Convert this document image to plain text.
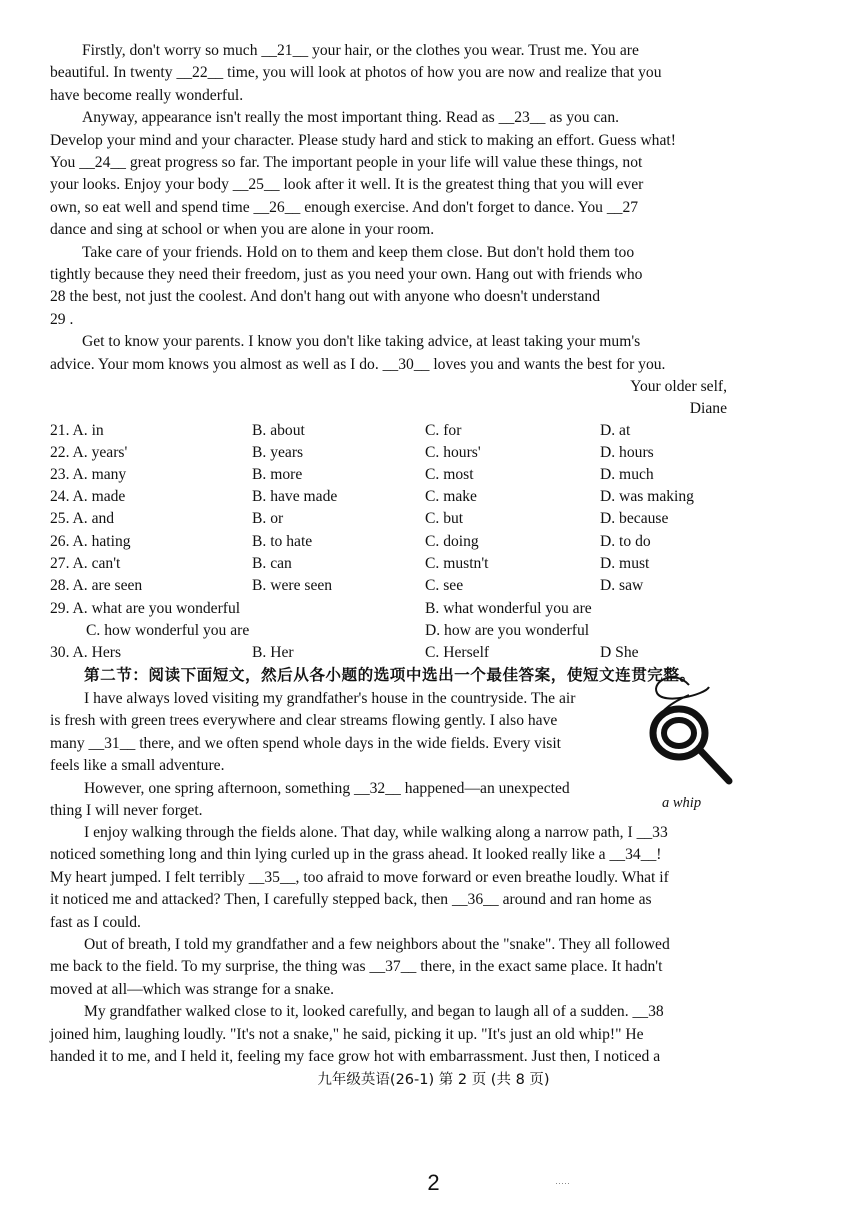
Firstly, don't worry so much __21__ your hair, or the clothes you wear. Trust me. You are
beautiful. In twenty __22__ time, you will look at photos of how you are now and realize that you
have become really wonderful.
Anyway, appearance isn't really the most important thing. Read as __23__ as you can.
Develop your mind and your character. Please study hard and stick to making an effort. Guess what!
You __24__ great progress so far. The important people in your life will value these things, not
your looks. Enjoy your body __25__ look after it well. It is the greatest thing that you will ever
own, so eat well and spend time __26__ enough exercise. And don't forget to dance. You __27
dance and sing at school or when you are alone in your room.
Take care of your friends. Hold on to them and keep them close. But don't hold them too
tightly because they need their freedom, just as you need your own. Hang out with friends who
28 the best, not just the coolest. And don't hang out with anyone who doesn't understand
29 .
Get to know your parents. I know you don't like taking advice, at least taking your mum's
advice. Your mom knows you almost as well as I do. __30__ loves you and wants the best for you.
Your older self,
Diane
21. A. in	B. about	C. for	D. at
22. A. years'	B. years	C. hours'	D. hours
23. A. many	B. more	C. most	D. much
24. A. made	B. have made	C. make	D. was making
25. A. and	B. or	C. but	D. because
26. A. hating	B. to hate	C. doing	D. to do
27. A. can't	B. can	C. mustn't	D. must
28. A. are seen	B. were seen	C. see	D. saw
29. A. what are you wonderful	B. what wonderful you are
C. how wonderful you are	D. how are you wonderful
30. A. Hers	B. Her	C. Herself	D She
第二节：阅读下面短文，然后从各小题的选项中选出一个最佳答案，使短文连贯完整。
I have always loved visiting my grandfather's house in the countryside. The air
is fresh with green trees everywhere and clear streams flowing gently. I also have
many __31__ there, and we often spend whole days in the wide fields. Every visit
feels like a small adventure.
However, one spring afternoon, something __32__ happened—an unexpected
thing I will never forget.	a whip
I enjoy walking through the fields alone. That day, while walking along a narrow path, I __33
noticed something long and thin lying curled up in the grass ahead. It looked really like a __34__!
My heart jumped. I felt terribly __35__, too afraid to move forward or even breathe loudly. What if
it noticed me and attacked? Then, I carefully stepped back, then __36__ around and ran home as
fast as I could.
Out of breath, I told my grandfather and a few neighbors about the "snake". They all followed
me back to the field. To my surprise, the thing was __37__ there, in the exact same place. It hadn't
moved at all—which was strange for a snake.
My grandfather walked close to it, looked carefully, and began to laugh all of a sudden. __38
joined him, laughing loudly. "It's not a snake," he said, picking it up. "It's just an old whip!" He
handed it to me, and I held it, feeling my face grow hot with embarrassment. Just then, I noticed a
九年级英语(26-1) 第 2 页 (共 8 页)
2	·····
